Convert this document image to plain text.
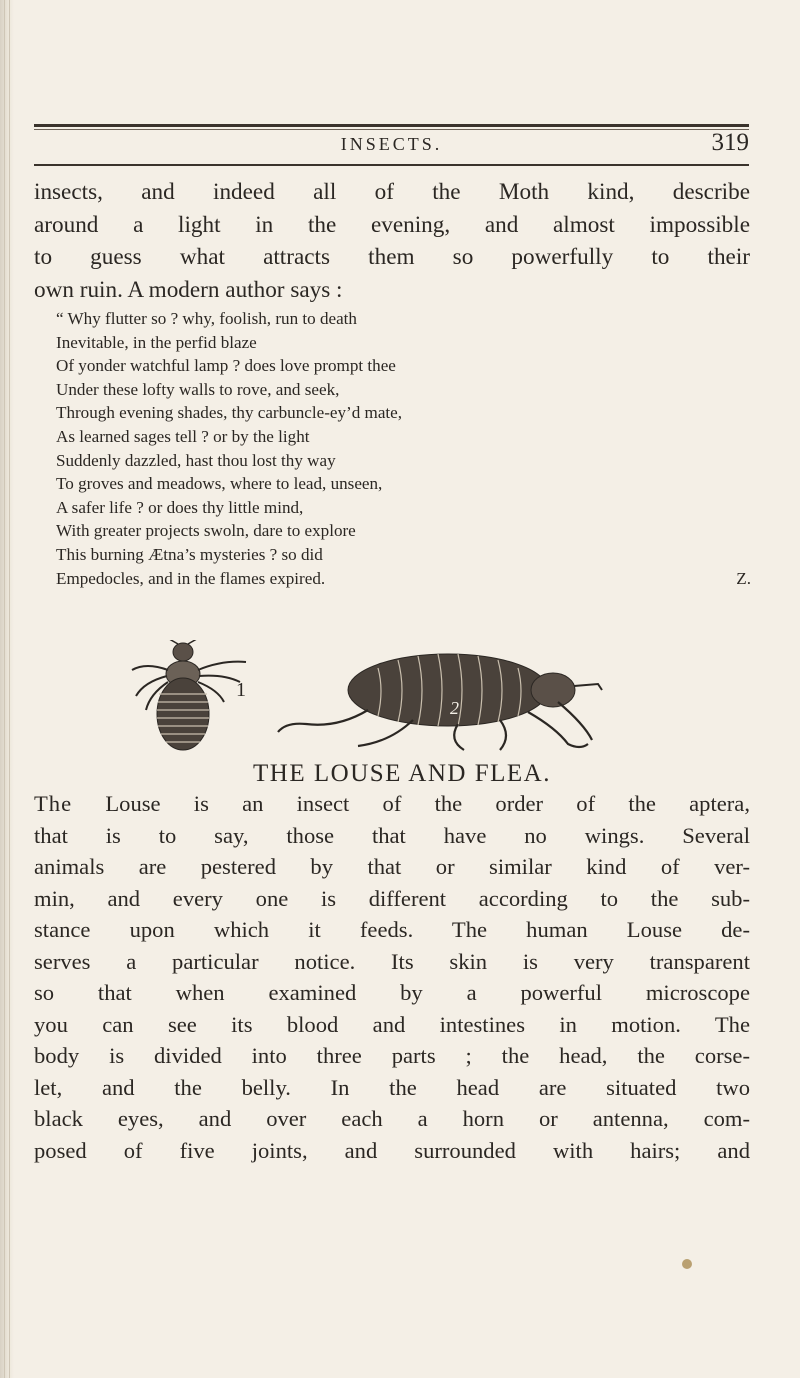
INSECTS.	319
insects, and indeed all of the Moth kind, describe
around a light in the evening, and almost impossible
to guess what attracts them so powerfully to their
own ruin. A modern author says :
“ Why flutter so ? why, foolish, run to death
Inevitable, in the perfid blaze
Of yonder watchful lamp ? does love prompt thee
Under these lofty walls to rove, and seek,
Through evening shades, thy carbuncle-ey’d mate,
As learned sages tell ? or by the light
Suddenly dazzled, hast thou lost thy way
To groves and meadows, where to lead, unseen,
A safer life ? or does thy little mind,
With greater projects swoln, dare to explore
This burning Ætna’s mysteries ? so did
Empedocles, and in the flames expired.	Z.
1
2
THE LOUSE AND FLEA.
The Louse is an insect of the order of the aptera,
that is to say, those that have no wings. Several
animals are pestered by that or similar kind of ver-
min, and every one is different according to the sub-
stance upon which it feeds. The human Louse de-
serves a particular notice. Its skin is very transparent
so that when examined by a powerful microscope
you can see its blood and intestines in motion. The
body is divided into three parts ; the head, the corse-
let, and the belly. In the head are situated two
black eyes, and over each a horn or antenna, com-
posed of five joints, and surrounded with hairs; and
